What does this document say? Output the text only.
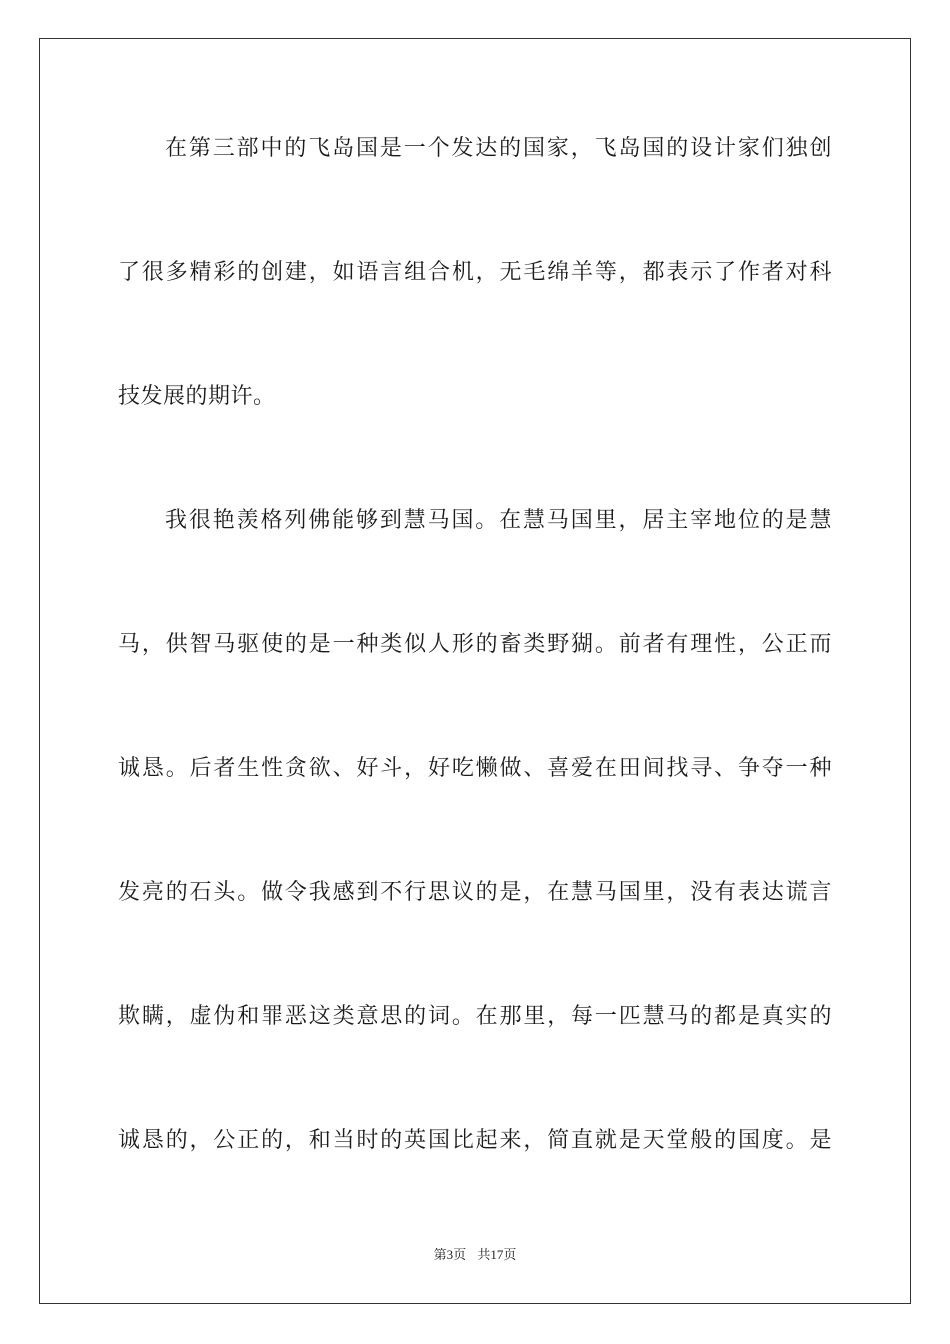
在第三部中的飞岛国是一个发达的国家，飞岛国的设计家们独创
了很多精彩的创建，如语言组合机，无毛绵羊等，都表示了作者对科
技发展的期许。
我很艳羡格列佛能够到慧马国。在慧马国里，居主宰地位的是慧
马，供智马驱使的是一种类似人形的畜类野猢。前者有理性，公正而
诚恳。后者生性贪欲、好斗，好吃懒做、喜爱在田间找寻、争夺一种
发亮的石头。做令我感到不行思议的是，在慧马国里，没有表达谎言
欺瞒，虚伪和罪恶这类意思的词。在那里，每一匹慧马的都是真实的
诚恳的，公正的，和当时的英国比起来，简直就是天堂般的国度。是
第3页 共17页
